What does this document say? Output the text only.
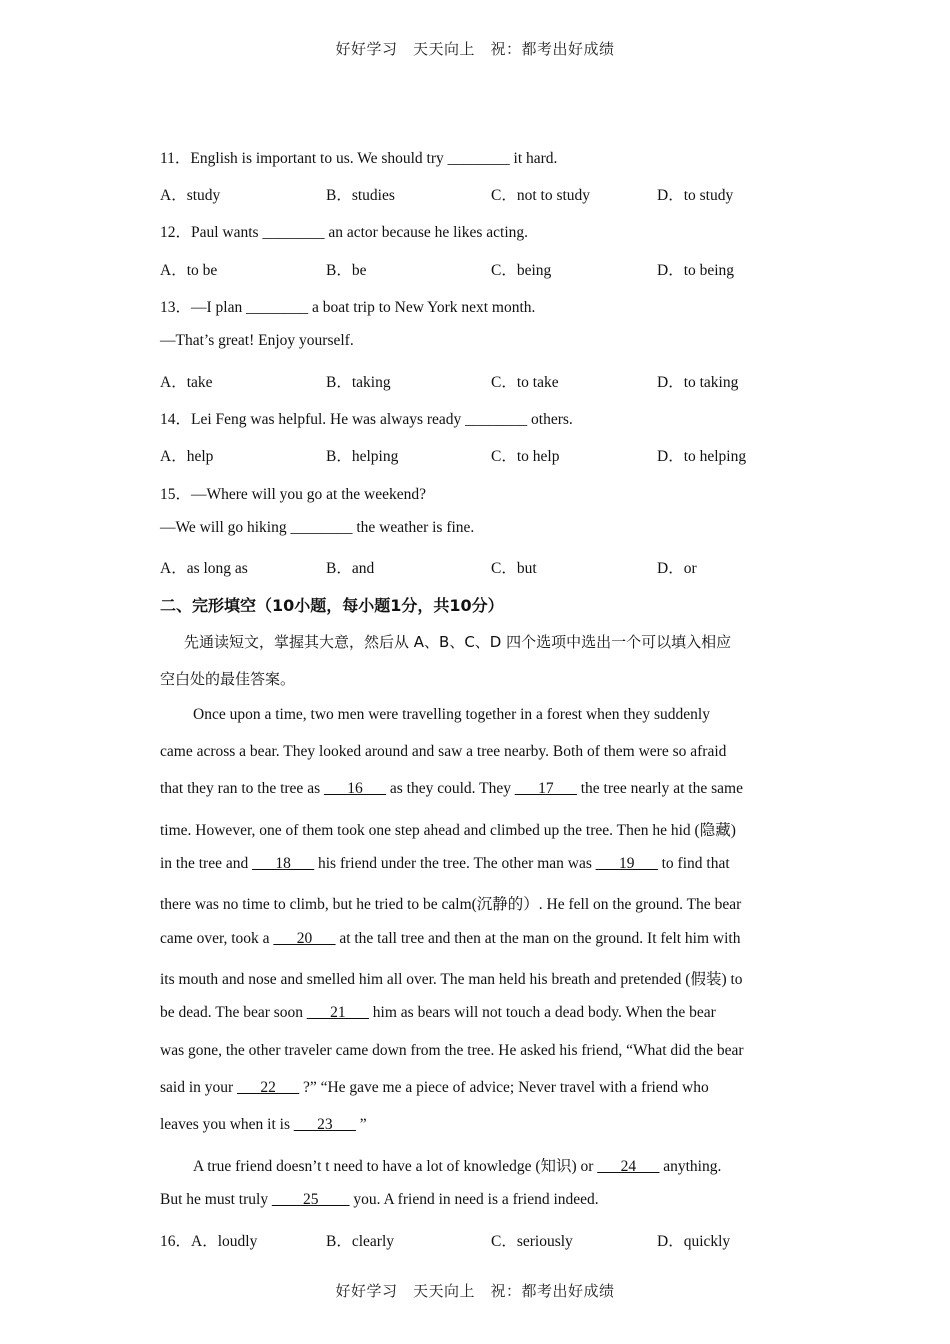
好好学习　天天向上　祝：都考出好成绩
11．English is important to us. We should try ________ it hard.
A．study	B．studies	C．not to study	D．to study
12．Paul wants ________ an actor because he likes acting.
A．to be	B．be	C．being	D．to being
13．—I plan ________ a boat trip to New York next month.
—That’s great! Enjoy yourself.
A．take	B．taking	C．to take	D．to taking
14．Lei Feng was helpful. He was always ready ________ others.
A．help	B．helping	C．to help	D．to helping
15．—Where will you go at the weekend?
—We will go hiking ________ the weather is fine.
A．as long as	B．and	C．but	D．or
二、完形填空（10小题，每小题1分，共10分）
先通读短文，掌握其大意，然后从 A、B、C、D 四个选项中选出一个可以填入相应
空白处的最佳答案。
Once upon a time, two men were travelling together in a forest when they suddenly
came across a bear. They looked around and saw a tree nearby. Both of them were so afraid
that they ran to the tree as ___16___ as they could. They ___17___ the tree nearly at the same
time. However, one of them took one step ahead and climbed up the tree. Then he hid (隐藏)
in the tree and ___18___ his friend under the tree. The other man was ___19___ to find that
there was no time to climb, but he tried to be calm(沉静的）. He fell on the ground. The bear
came over, took a ___20___ at the tall tree and then at the man on the ground. It felt him with
its mouth and nose and smelled him all over. The man held his breath and pretended (假装) to
be dead. The bear soon ___21___ him as bears will not touch a dead body. When the bear
was gone, the other traveler came down from the tree. He asked his friend, “What did the bear
said in your ___22___ ?” “He gave me a piece of advice; Never travel with a friend who
leaves you when it is ___23___ ”
A true friend doesn’t t need to have a lot of knowledge (知识) or ___24___ anything.
But he must truly ____25____ you. A friend in need is a friend indeed.
16．A．loudly	B．clearly	C．seriously	D．quickly
好好学习　天天向上　祝：都考出好成绩
